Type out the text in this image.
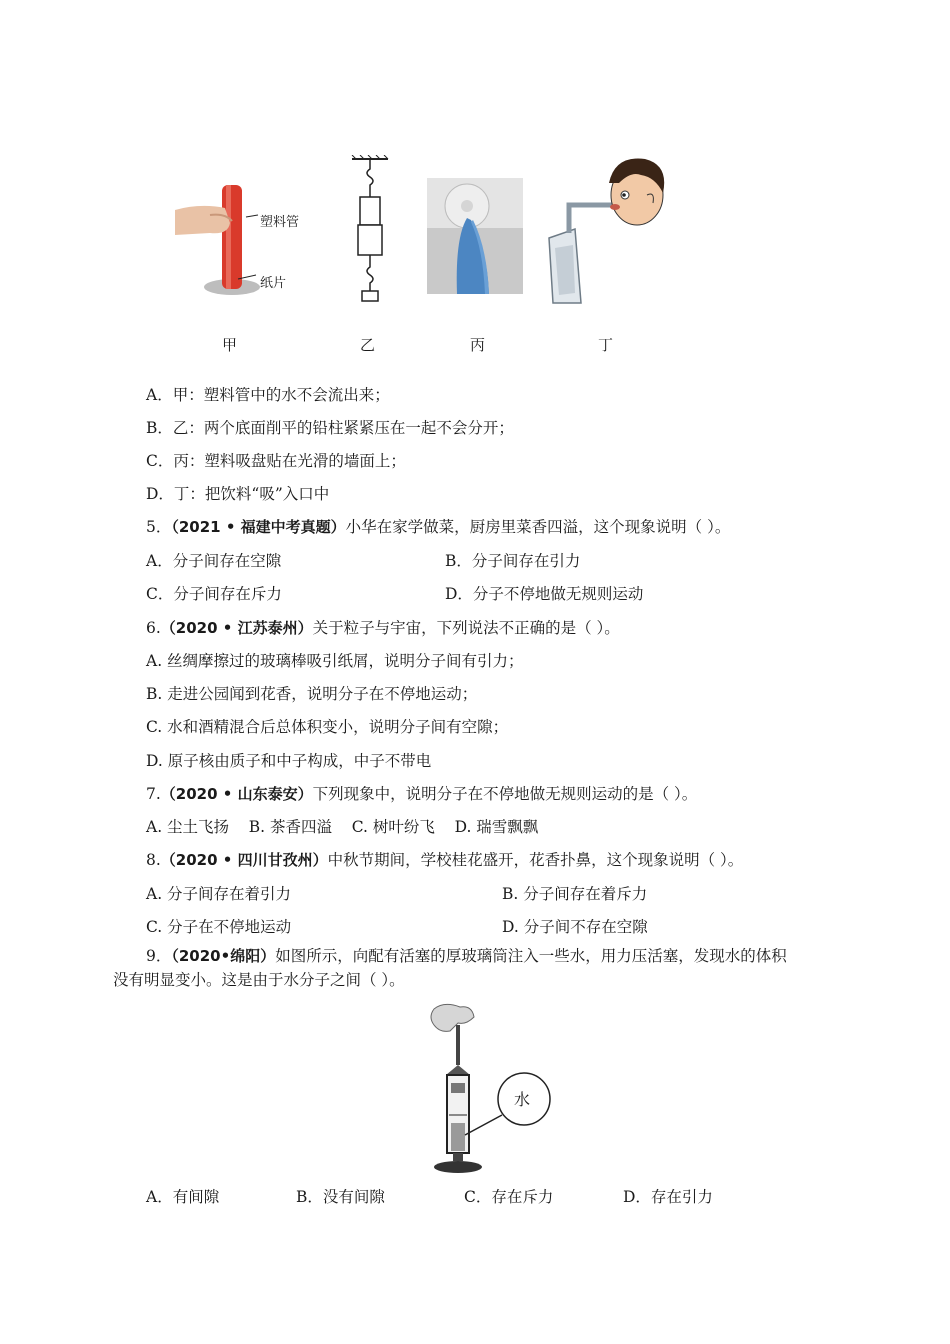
塑料管
纸片
甲	乙	丙	丁
A．甲：塑料管中的水不会流出来；
B．乙：两个底面削平的铅柱紧紧压在一起不会分开；
C．丙：塑料吸盘贴在光滑的墙面上；
D．丁：把饮料“吸”入口中
5．（2021 • 福建中考真题）小华在家学做菜，厨房里菜香四溢，这个现象说明（ ）。
A．分子间存在空隙	B．分子间存在引力
C．分子间存在斥力	D．分子不停地做无规则运动
6.（2020 • 江苏泰州）关于粒子与宇宙，下列说法不正确的是（ ）。
A. 丝绸摩擦过的玻璃棒吸引纸屑，说明分子间有引力；
B. 走进公园闻到花香，说明分子在不停地运动；
C. 水和酒精混合后总体积变小，说明分子间有空隙；
D. 原子核由质子和中子构成，中子不带电
7.（2020 • 山东泰安）下列现象中，说明分子在不停地做无规则运动的是（ ）。
A. 尘土飞扬    B. 茶香四溢    C. 树叶纷飞    D. 瑞雪飘飘
8.（2020 • 四川甘孜州）中秋节期间，学校桂花盛开，花香扑鼻，这个现象说明（ ）。
A. 分子间存在着引力	B. 分子间存在着斥力
C. 分子在不停地运动	D. 分子间不存在空隙
9．（2020•绵阳）如图所示，向配有活塞的厚玻璃筒注入一些水，用力压活塞，发现水的体积
没有明显变小。这是由于水分子之间（ ）。
水
A．有间隙	B．没有间隙	C．存在斥力	D．存在引力
